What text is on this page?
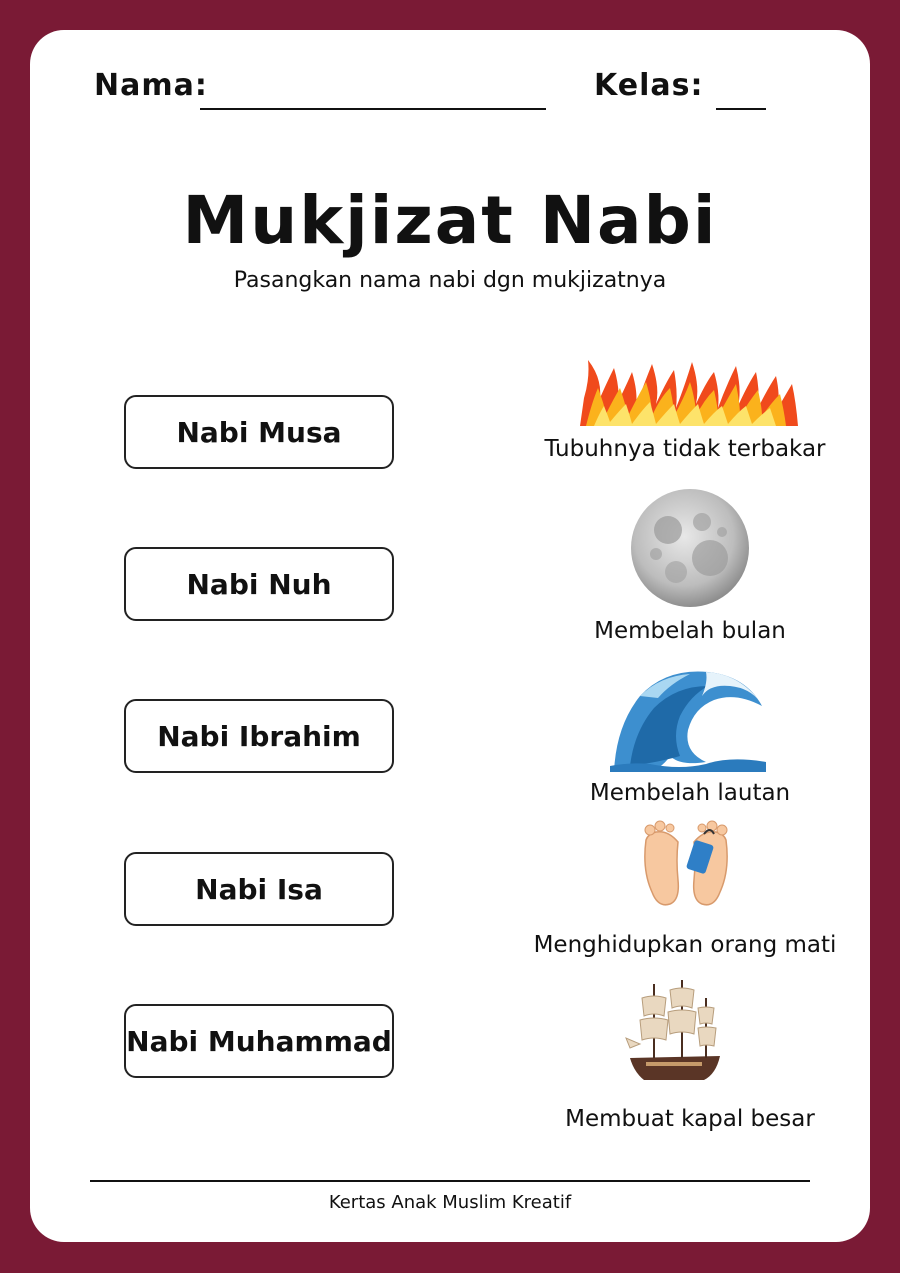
Nama:	Kelas:
Mukjizat Nabi
Pasangkan nama nabi dgn mukjizatnya
Nabi Musa
Nabi Nuh
Nabi Ibrahim
Nabi Isa
Nabi Muhammad
Tubuhnya tidak terbakar
Membelah bulan
Membelah lautan
Menghidupkan orang mati
Membuat kapal besar
Kertas Anak Muslim Kreatif
